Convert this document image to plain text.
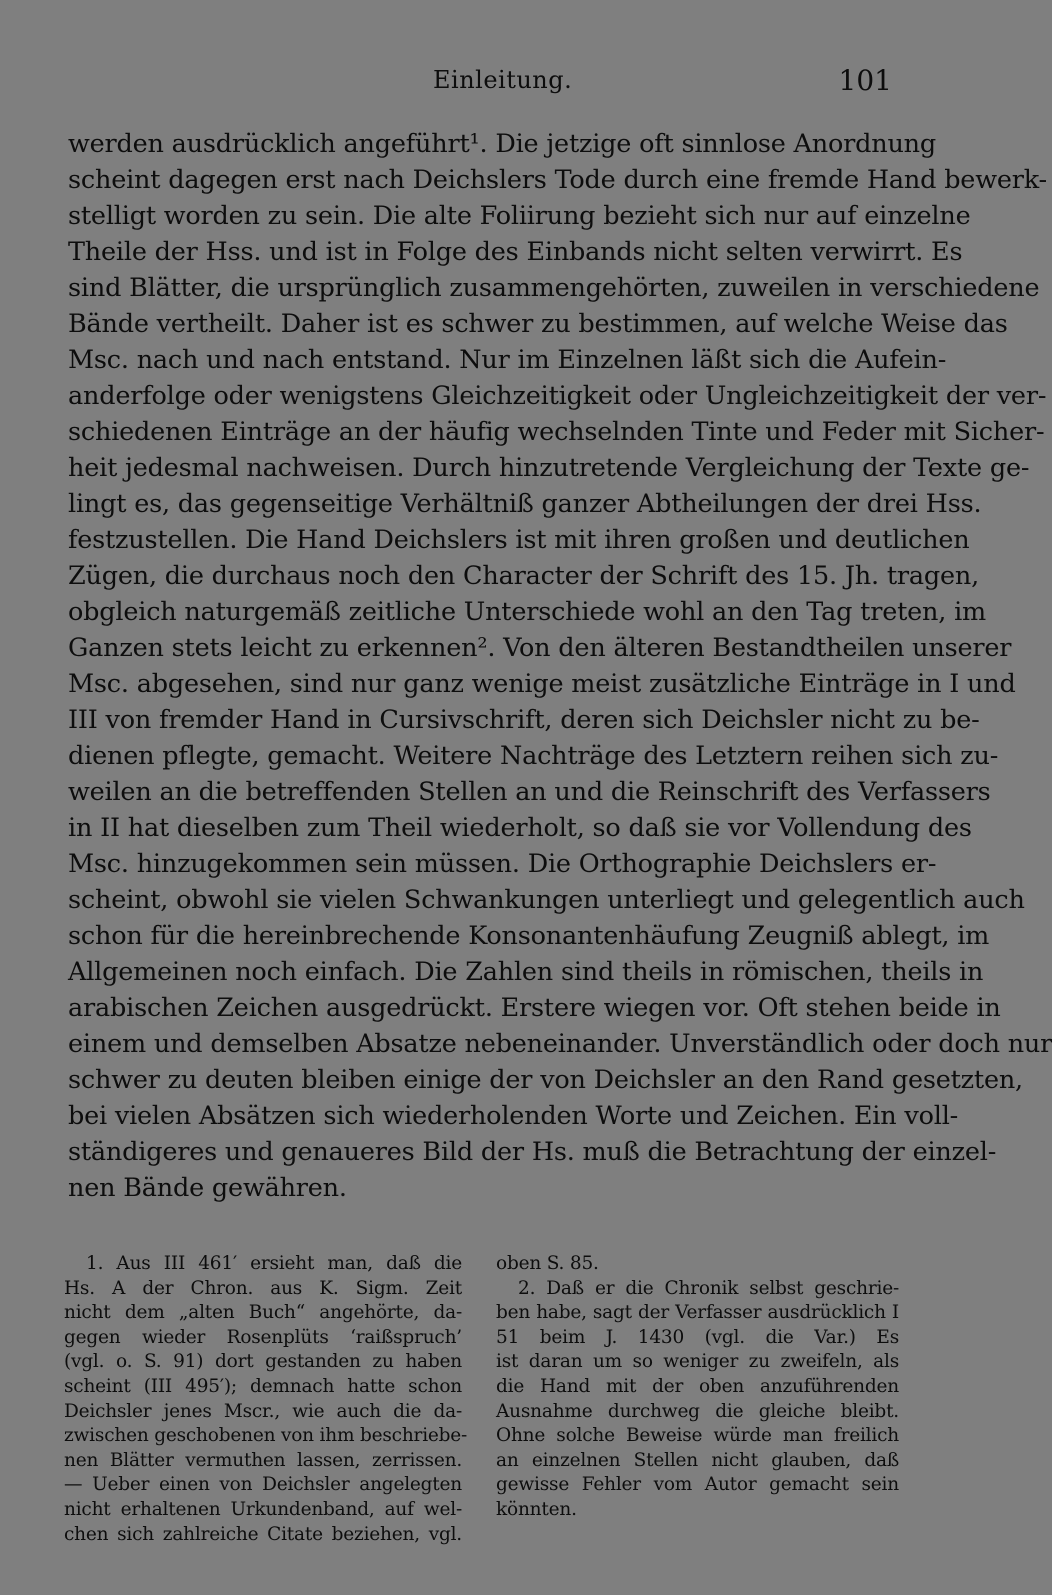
Einleitung.	101
werden ausdrücklich angeführt¹. Die jetzige oft sinnlose Anordnung
scheint dagegen erst nach Deichslers Tode durch eine fremde Hand bewerk-
stelligt worden zu sein. Die alte Foliirung bezieht sich nur auf einzelne
Theile der Hss. und ist in Folge des Einbands nicht selten verwirrt. Es
sind Blätter, die ursprünglich zusammengehörten, zuweilen in verschiedene
Bände vertheilt. Daher ist es schwer zu bestimmen, auf welche Weise das
Msc. nach und nach entstand. Nur im Einzelnen läßt sich die Aufein-
anderfolge oder wenigstens Gleichzeitigkeit oder Ungleichzeitigkeit der ver-
schiedenen Einträge an der häufig wechselnden Tinte und Feder mit Sicher-
heit jedesmal nachweisen. Durch hinzutretende Vergleichung der Texte ge-
lingt es, das gegenseitige Verhältniß ganzer Abtheilungen der drei Hss.
festzustellen. Die Hand Deichslers ist mit ihren großen und deutlichen
Zügen, die durchaus noch den Character der Schrift des 15. Jh. tragen,
obgleich naturgemäß zeitliche Unterschiede wohl an den Tag treten, im
Ganzen stets leicht zu erkennen². Von den älteren Bestandtheilen unserer
Msc. abgesehen, sind nur ganz wenige meist zusätzliche Einträge in I und
III von fremder Hand in Cursivschrift, deren sich Deichsler nicht zu be-
dienen pflegte, gemacht. Weitere Nachträge des Letztern reihen sich zu-
weilen an die betreffenden Stellen an und die Reinschrift des Verfassers
in II hat dieselben zum Theil wiederholt, so daß sie vor Vollendung des
Msc. hinzugekommen sein müssen. Die Orthographie Deichslers er-
scheint, obwohl sie vielen Schwankungen unterliegt und gelegentlich auch
schon für die hereinbrechende Konsonantenhäufung Zeugniß ablegt, im
Allgemeinen noch einfach. Die Zahlen sind theils in römischen, theils in
arabischen Zeichen ausgedrückt. Erstere wiegen vor. Oft stehen beide in
einem und demselben Absatze nebeneinander. Unverständlich oder doch nur
schwer zu deuten bleiben einige der von Deichsler an den Rand gesetzten,
bei vielen Absätzen sich wiederholenden Worte und Zeichen. Ein voll-
ständigeres und genaueres Bild der Hs. muß die Betrachtung der einzel-
nen Bände gewähren.
1. Aus III 461′ ersieht man, daß die
Hs. A der Chron. aus K. Sigm. Zeit
nicht dem „alten Buch“ angehörte, da-
gegen wieder Rosenplüts ‘raißspruch’
(vgl. o. S. 91) dort gestanden zu haben
scheint (III 495′); demnach hatte schon
Deichsler jenes Mscr., wie auch die da-
zwischen geschobenen von ihm beschriebe-
nen Blätter vermuthen lassen, zerrissen.
— Ueber einen von Deichsler angelegten
nicht erhaltenen Urkundenband, auf wel-
chen sich zahlreiche Citate beziehen, vgl.
oben S. 85.
2. Daß er die Chronik selbst geschrie-
ben habe, sagt der Verfasser ausdrücklich I
51 beim J. 1430 (vgl. die Var.) Es
ist daran um so weniger zu zweifeln, als
die Hand mit der oben anzuführenden
Ausnahme durchweg die gleiche bleibt.
Ohne solche Beweise würde man freilich
an einzelnen Stellen nicht glauben, daß
gewisse Fehler vom Autor gemacht sein
könnten.
